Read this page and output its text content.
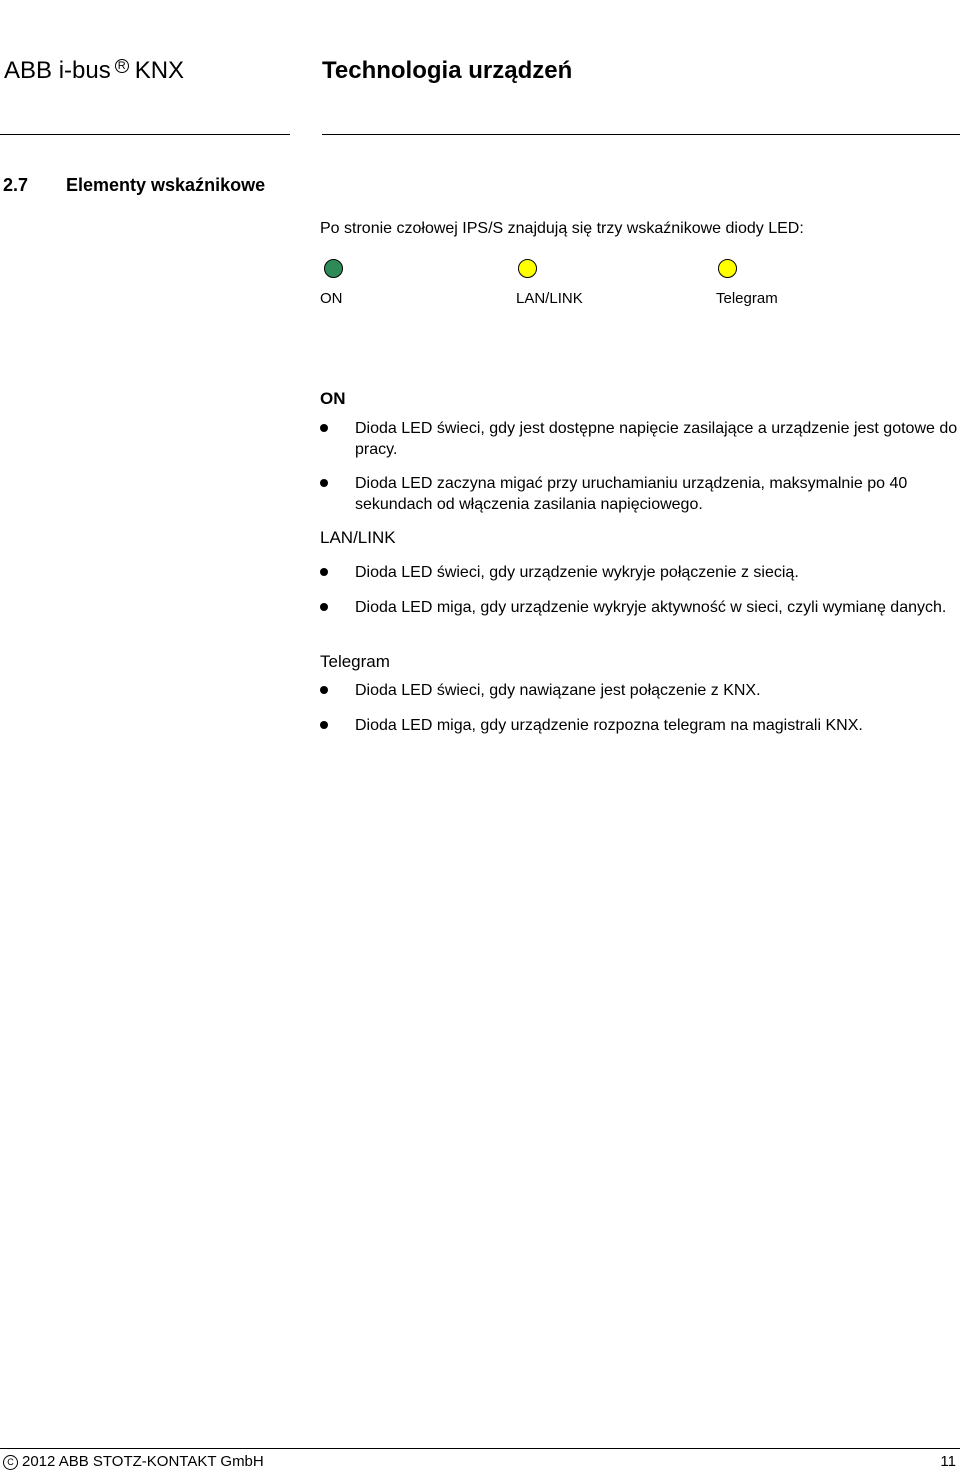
ABB i-bus R KNX	Technologia urządzeń
2.7 Elementy wskaźnikowe
Po stronie czołowej IPS/S znajdują się trzy wskaźnikowe diody LED:
ON	LAN/LINK	Telegram
ON
Dioda LED świeci, gdy jest dostępne napięcie zasilające a urządzenie jest gotowe do pracy.
Dioda LED zaczyna migać przy uruchamianiu urządzenia, maksymalnie po 40 sekundach od włączenia zasilania napięciowego.
LAN/LINK
Dioda LED świeci, gdy urządzenie wykryje połączenie z siecią.
Dioda LED miga, gdy urządzenie wykryje aktywność w sieci, czyli wymianę danych.
Telegram
Dioda LED świeci, gdy nawiązane jest połączenie z KNX.
Dioda LED miga, gdy urządzenie rozpozna telegram na magistrali KNX.
C 2012 ABB STOTZ-KONTAKT GmbH	11
